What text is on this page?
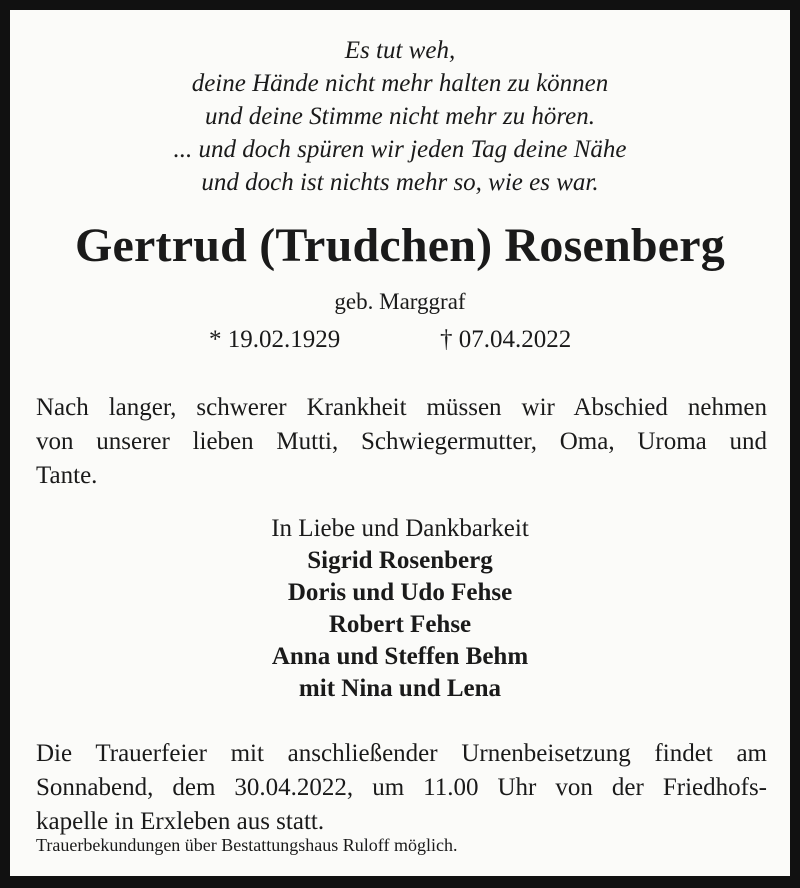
Es tut weh,
deine Hände nicht mehr halten zu können
und deine Stimme nicht mehr zu hören.
... und doch spüren wir jeden Tag deine Nähe
und doch ist nichts mehr so, wie es war.
Gertrud (Trudchen) Rosenberg
geb. Marggraf
* 19.02.1929	† 07.04.2022
Nach langer, schwerer Krankheit müssen wir Abschied nehmen
von unserer lieben Mutti, Schwiegermutter, Oma, Uroma und
Tante.
In Liebe und Dankbarkeit
Sigrid Rosenberg
Doris und Udo Fehse
Robert Fehse
Anna und Steffen Behm
mit Nina und Lena
Die Trauerfeier mit anschließender Urnenbeisetzung findet am
Sonnabend, dem 30.04.2022, um 11.00 Uhr von der Friedhofs-
kapelle in Erxleben aus statt.
Trauerbekundungen über Bestattungshaus Ruloff möglich.
